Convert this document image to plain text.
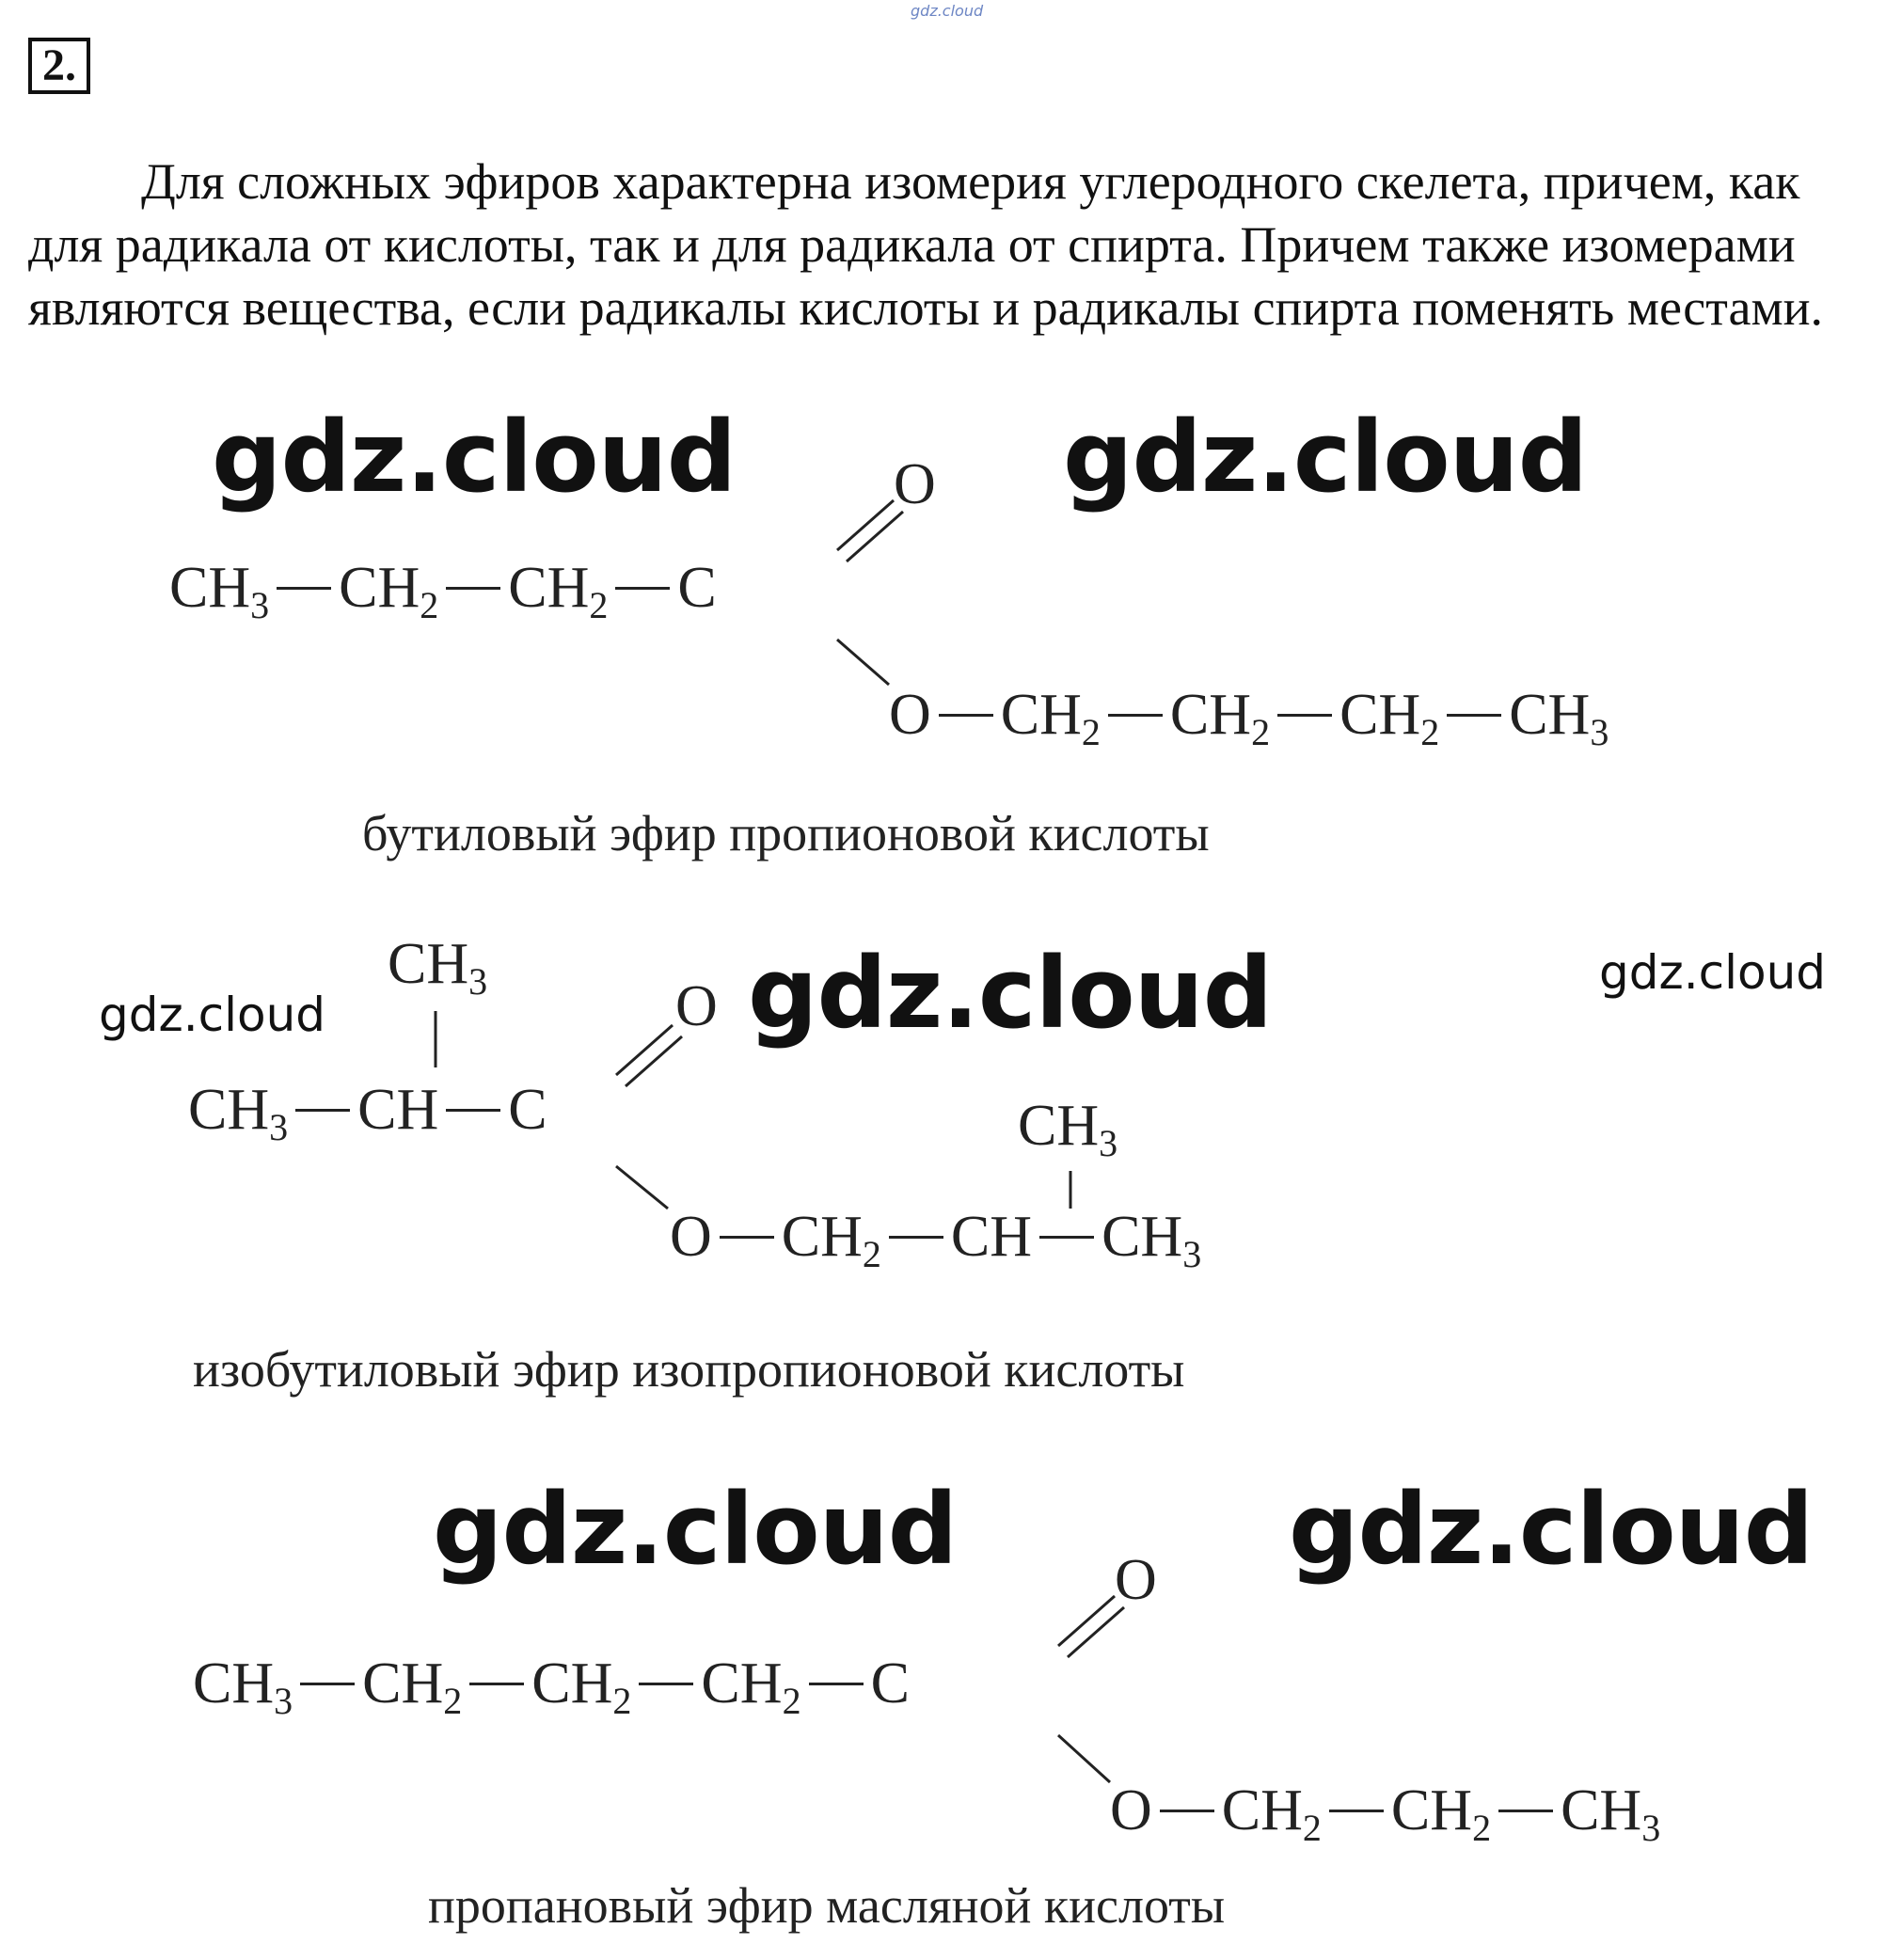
gdz.cloud
2.

Для сложных эфиров характерна изомерия углеродного скелета, причем, как для радикала от кислоты, так и для радикала от спирта. Причем также изомерами являются вещества, если радикалы кислоты и радикалы спирта поменять местами.

gdz.cloud	gdz.cloud
gdz.cloud	gdz.cloud
gdz.cloud
gdz.cloud	gdz.cloud
O
$CH_3$ $CH_2$ $CH_2$ C
O $CH_2$ $CH_2$ $CH_2$ $CH_3$
бутиловый эфир пропионовой кислоты
$CH_3$	O
$CH_3$ CH C	$CH_3$
O $CH_2$ CH $CH_3$
изобутиловый эфир изопропионовой кислоты
O
$CH_3$ $CH_2$ $CH_2$ $CH_2$ C
O $CH_2$ $CH_2$ $CH_3$
пропановый эфир масляной кислоты
